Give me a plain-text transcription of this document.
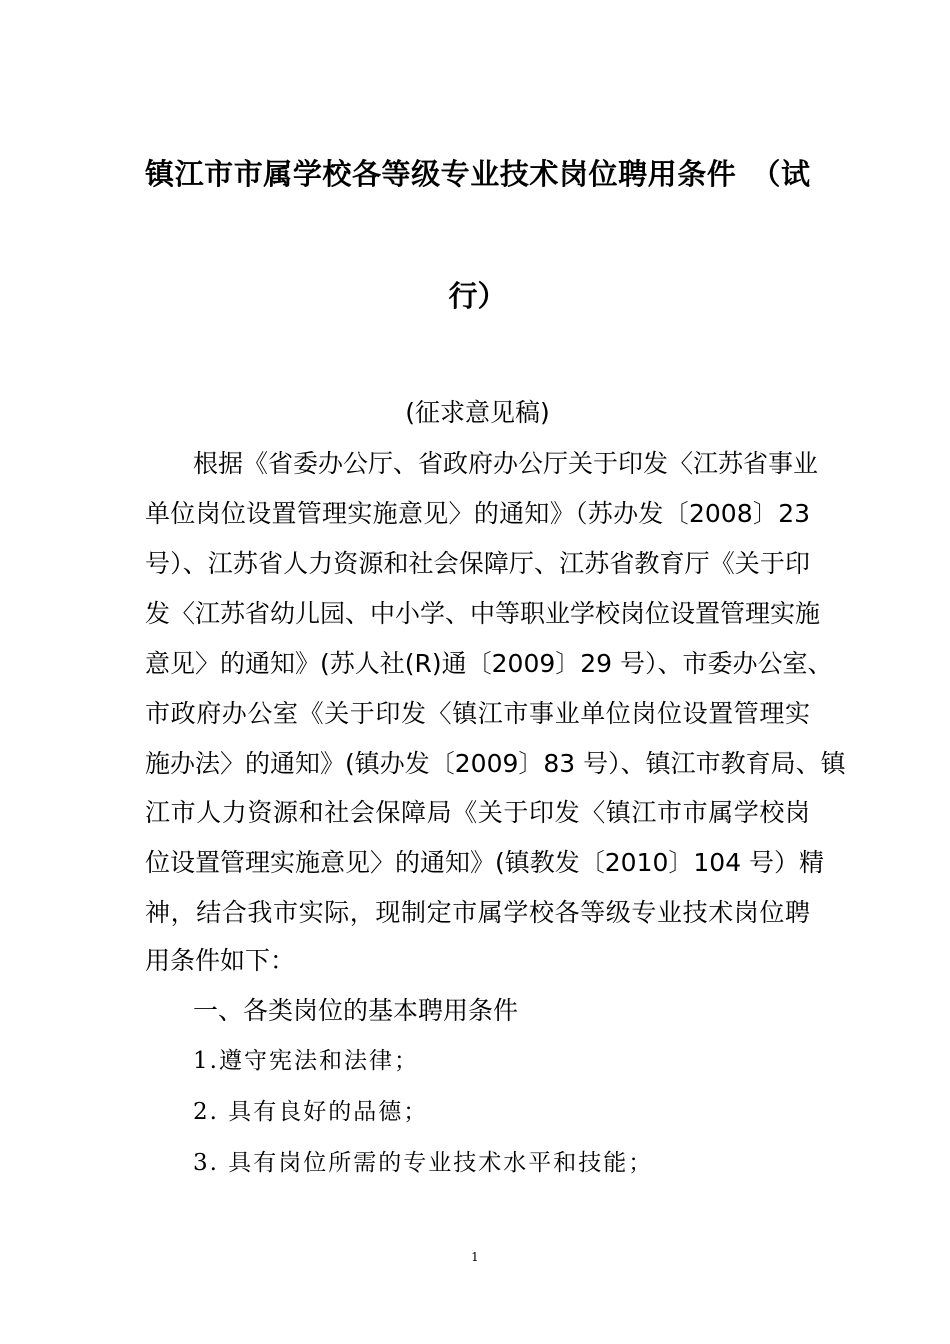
镇江市市属学校各等级专业技术岗位聘用条件　（试
行）
(征求意见稿)
根据《省委办公厅、省政府办公厅关于印发〈江苏省事业
单位岗位设置管理实施意见〉的通知》（苏办发〔2008〕23
号）、江苏省人力资源和社会保障厅、江苏省教育厅《关于印
发〈江苏省幼儿园、中小学、中等职业学校岗位设置管理实施
意见〉的通知》(苏人社(R)通〔2009〕29 号）、市委办公室、
市政府办公室《关于印发〈镇江市事业单位岗位设置管理实
施办法〉的通知》(镇办发〔2009〕83 号）、镇江市教育局、镇
江市人力资源和社会保障局《关于印发〈镇江市市属学校岗
位设置管理实施意见〉的通知》(镇教发〔2010〕104 号）精
神，结合我市实际，现制定市属学校各等级专业技术岗位聘
用条件如下：
一、各类岗位的基本聘用条件
1.遵守宪法和法律；
2. 具有良好的品德；
3. 具有岗位所需的专业技术水平和技能；
1
